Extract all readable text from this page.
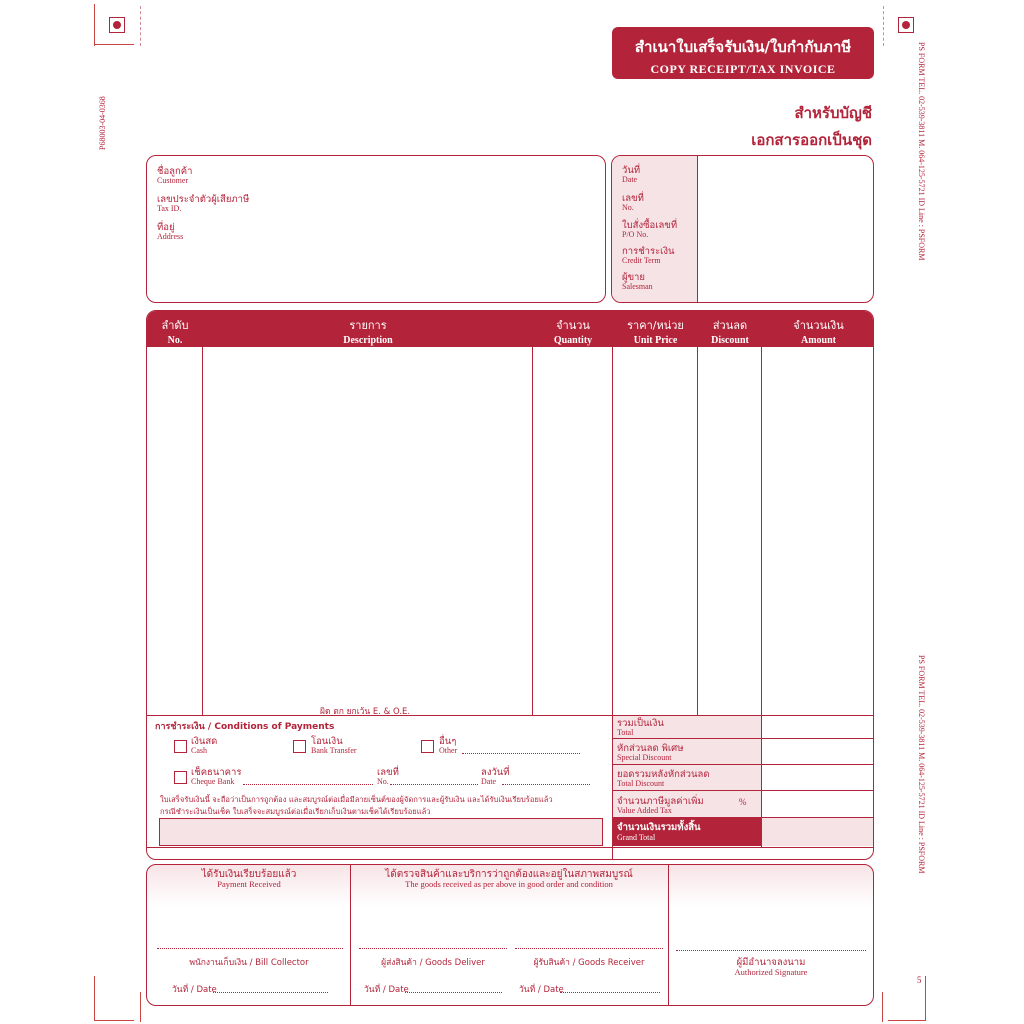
P68003-04-0368	PS FORM TEL. 02-539-3811 M. 064-125-5721 ID Line : PSFORM
PS FORM TEL. 02-539-3811 M. 064-125-5721 ID Line : PSFORM
5
สำเนาใบเสร็จรับเงิน/ใบกำกับภาษี
COPY RECEIPT/TAX INVOICE
สำหรับบัญชี
เอกสารออกเป็นชุด
ชื่อลูกค้า
Customer
เลขประจำตัวผู้เสียภาษี
Tax ID.
ที่อยู่
Address
วันที่
Date
เลขที่
No.
ใบสั่งซื้อเลขที่
P/O No.
การชำระเงิน
Credit Term
ผู้ขาย
Salesman
ลำดับ
No.
รายการ
Description
จำนวน
Quantity
ราคา/หน่วย
Unit Price
ส่วนลด
Discount
จำนวนเงิน
Amount
ผิด ตก ยกเว้น E. & O.E.
รวมเป็นเงิน
Total
หักส่วนลด พิเศษ
Special Discount
ยอดรวมหลังหักส่วนลด
Total Discount
จำนวนภาษีมูลค่าเพิ่ม
Value Added Tax
%
จำนวนเงินรวมทั้งสิ้น
Grand Total
การชำระเงิน / Conditions of Payments
เงินสด
Cash
โอนเงิน
Bank Transfer
อื่นๆ
Other
เช็คธนาคาร
Cheque Bank
เลขที่
No.
ลงวันที่
Date
ใบเสร็จรับเงินนี้ จะถือว่าเป็นการถูกต้อง และสมบูรณ์ต่อเมื่อมีลายเซ็นต์ของผู้จัดการและผู้รับเงิน และได้รับเงินเรียบร้อยแล้ว
กรณีชำระเงินเป็นเช็ค ใบเสร็จจะสมบูรณ์ต่อเมื่อเรียกเก็บเงินตามเช็คได้เรียบร้อยแล้ว
ได้รับเงินเรียบร้อยแล้ว
Payment Received
พนักงานเก็บเงิน / Bill Collector
วันที่ / Date
ได้ตรวจสินค้าและบริการว่าถูกต้องและอยู่ในสภาพสมบูรณ์
The goods received as per above in good order and condition
ผู้ส่งสินค้า / Goods Deliver	ผู้รับสินค้า / Goods Receiver
วันที่ / Date	วันที่ / Date
ผู้มีอำนาจลงนาม
Authorized Signature
